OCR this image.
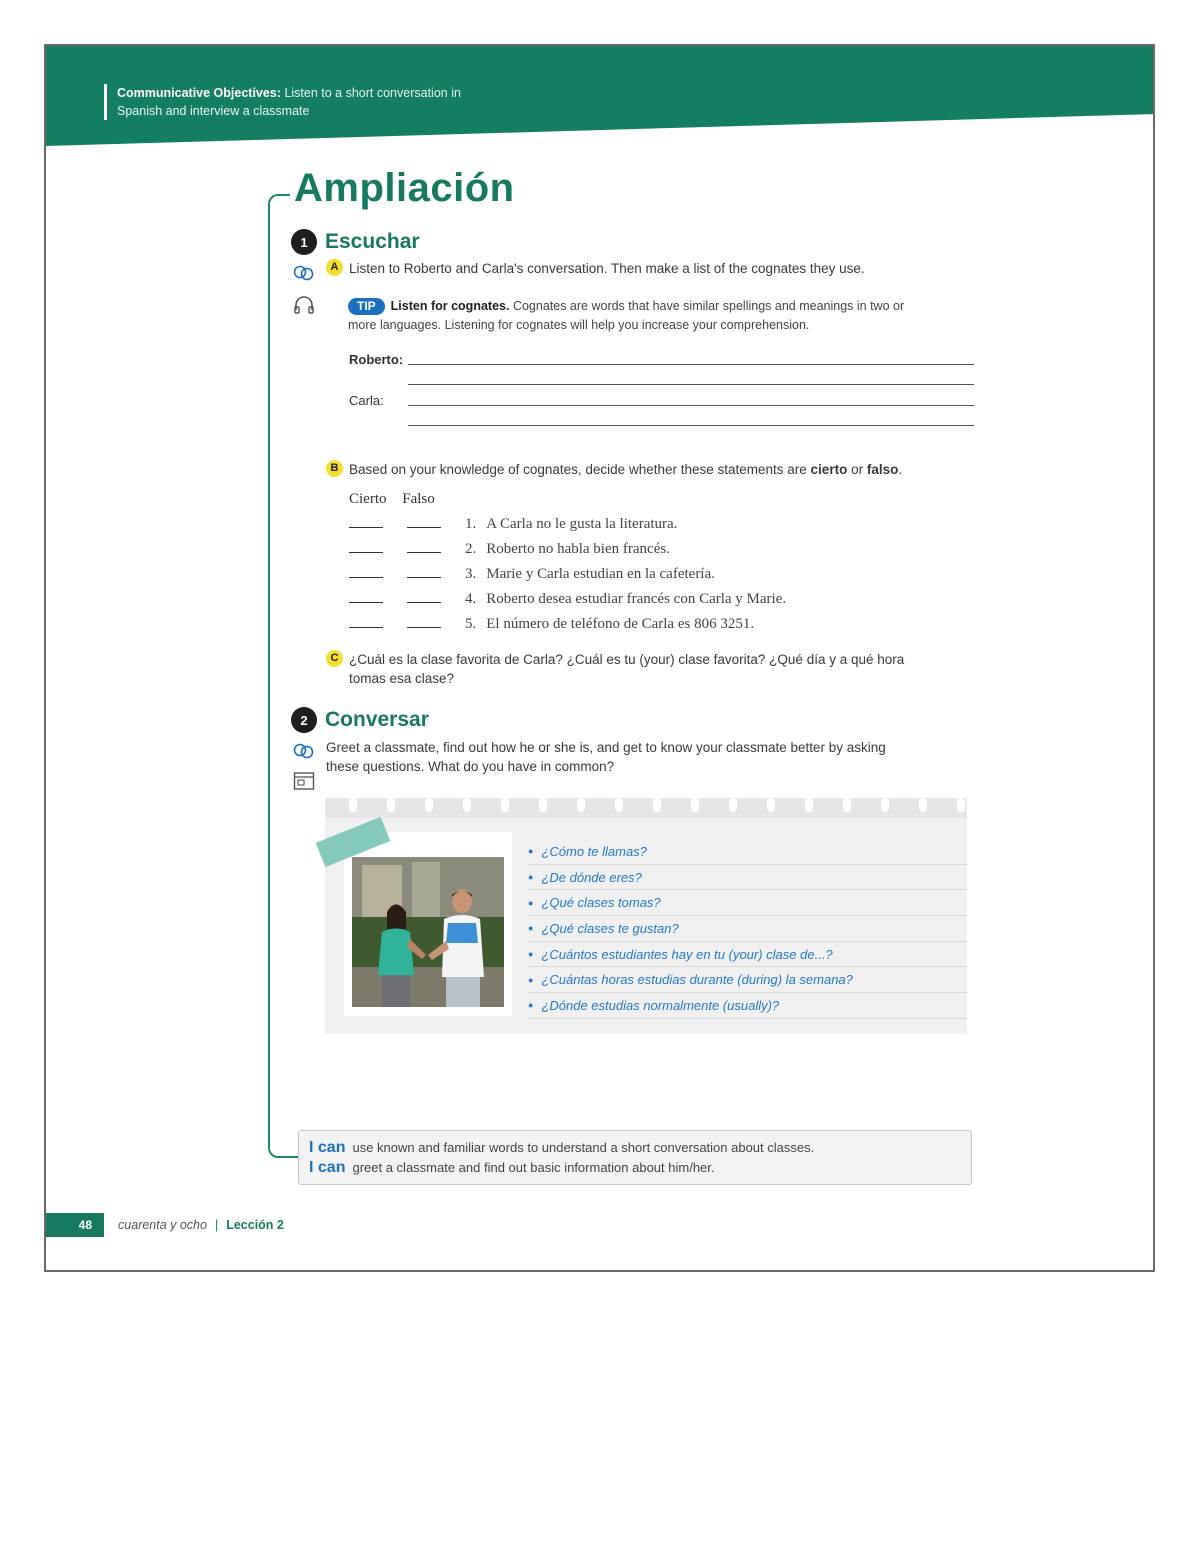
Communicative Objectives: Listen to a short conversation in Spanish and interview a classmate
Ampliación
1 Escuchar
A Listen to Roberto and Carla's conversation. Then make a list of the cognates they use.
TIP Listen for cognates. Cognates are words that have similar spellings and meanings in two or more languages. Listening for cognates will help you increase your comprehension.
Roberto:
Carla:
B Based on your knowledge of cognates, decide whether these statements are cierto or falso.
Cierto Falso
1. A Carla no le gusta la literatura.
2. Roberto no habla bien francés.
3. Marie y Carla estudian en la cafetería.
4. Roberto desea estudiar francés con Carla y Marie.
5. El número de teléfono de Carla es 806 3251.
C ¿Cuál es la clase favorita de Carla? ¿Cuál es tu (your) clase favorita? ¿Qué día y a qué hora
tomas esa clase?
2 Conversar
Greet a classmate, find out how he or she is, and get to know your classmate better by asking
these questions. What do you have in common?
● ¿Cómo te llamas?
● ¿De dónde eres?
● ¿Qué clases tomas?
● ¿Qué clases te gustan?
● ¿Cuántos estudiantes hay en tu (your) clase de...?
● ¿Cuántas horas estudias durante (during) la semana?
● ¿Dónde estudias normalmente (usually)?
I can use known and familiar words to understand a short conversation about classes.
I can greet a classmate and find out basic information about him/her.
48	cuarenta y ocho | Lección 2
